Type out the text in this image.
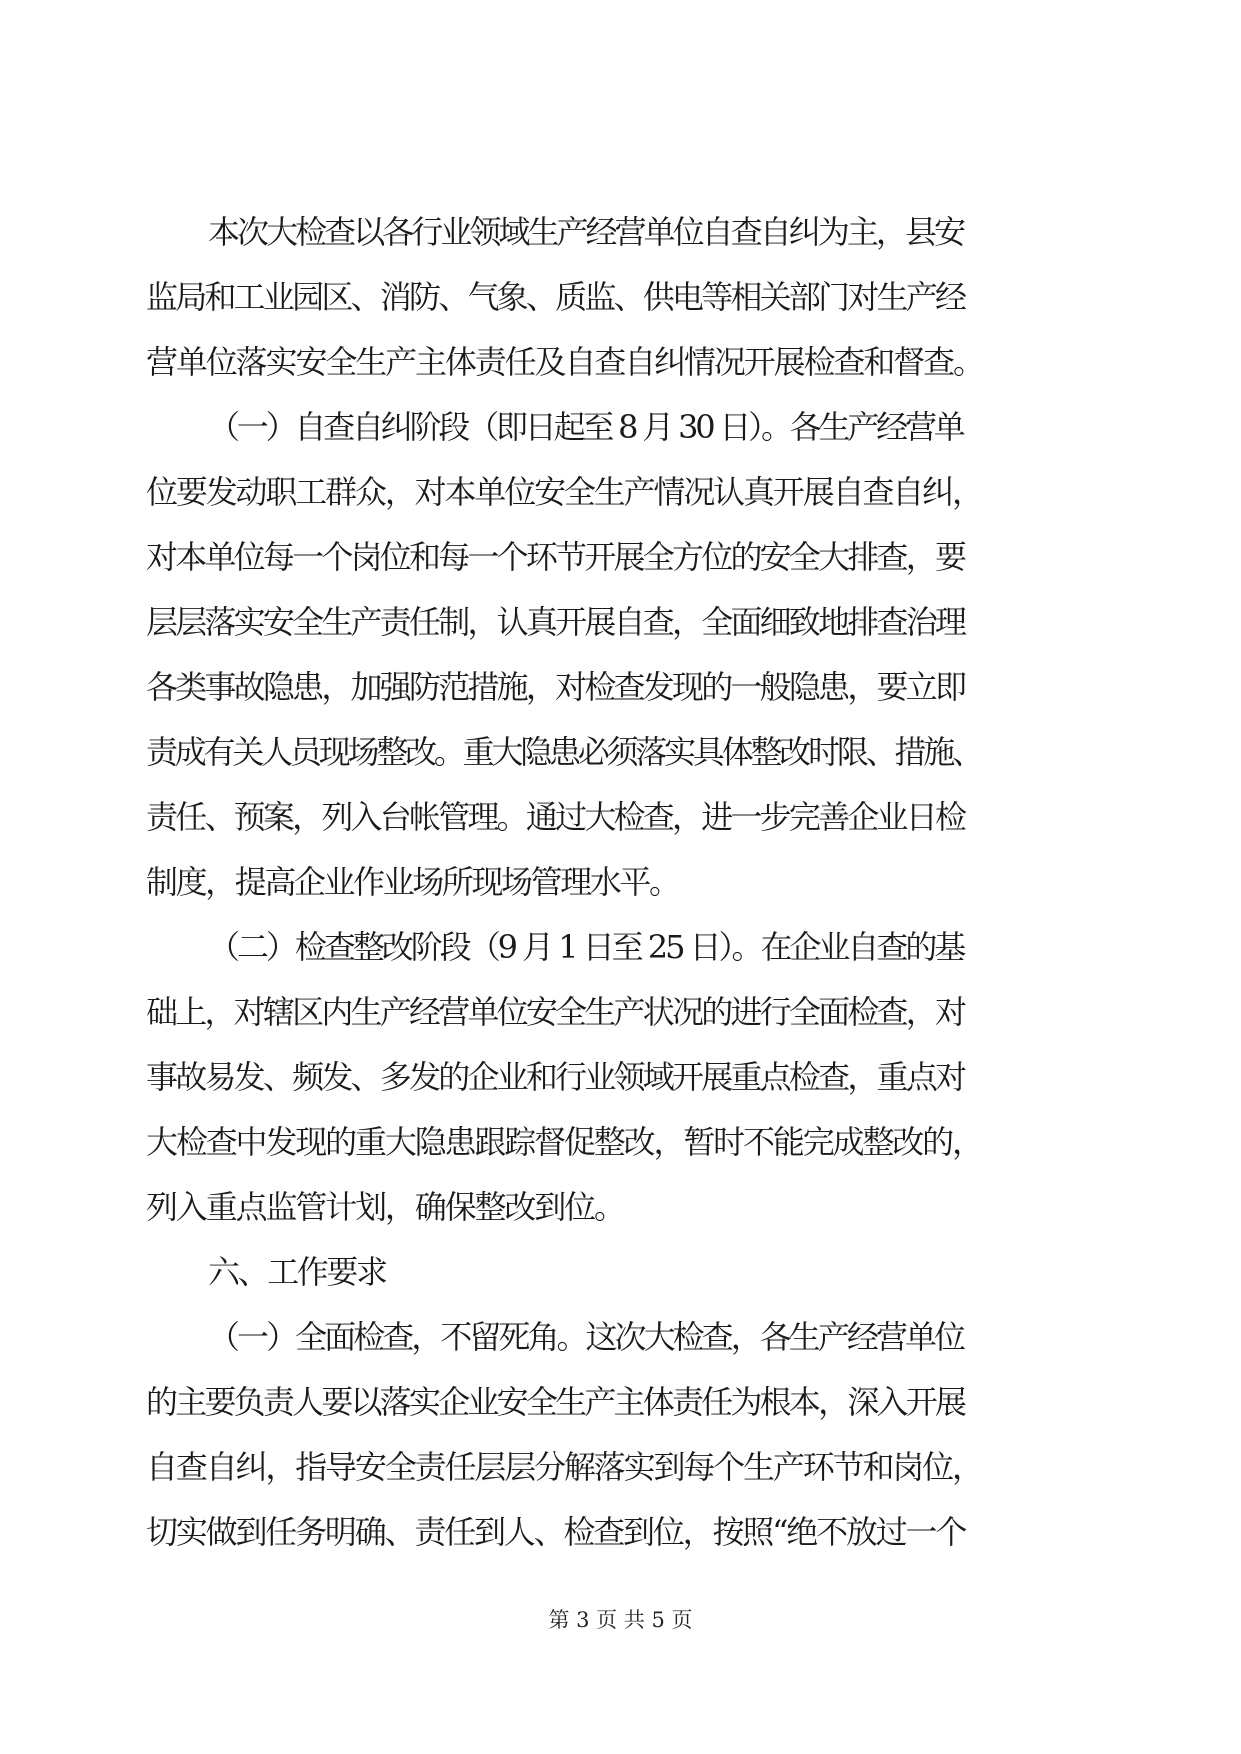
本次大检查以各行业领域生产经营单位自查自纠为主，县安
监局和工业园区、消防、气象、质监、供电等相关部门对生产经
营单位落实安全生产主体责任及自查自纠情况开展检查和督查。
（一）自查自纠阶段（即日起至 8 月 30 日）。各生产经营单
位要发动职工群众，对本单位安全生产情况认真开展自查自纠，
对本单位每一个岗位和每一个环节开展全方位的安全大排查，要
层层落实安全生产责任制，认真开展自查，全面细致地排查治理
各类事故隐患，加强防范措施，对检查发现的一般隐患，要立即
责成有关人员现场整改。重大隐患必须落实具体整改时限、措施、
责任、预案，列入台帐管理。通过大检查，进一步完善企业日检
制度，提高企业作业场所现场管理水平。
（二）检查整改阶段（9 月 1 日至 25 日）。在企业自查的基
础上，对辖区内生产经营单位安全生产状况的进行全面检查，对
事故易发、频发、多发的企业和行业领域开展重点检查，重点对
大检查中发现的重大隐患跟踪督促整改，暂时不能完成整改的，
列入重点监管计划，确保整改到位。
六、工作要求
（一）全面检查，不留死角。这次大检查，各生产经营单位
的主要负责人要以落实企业安全生产主体责任为根本，深入开展
自查自纠，指导安全责任层层分解落实到每个生产环节和岗位，
切实做到任务明确、责任到人、检查到位，按照“绝不放过一个
第 3 页 共 5 页
